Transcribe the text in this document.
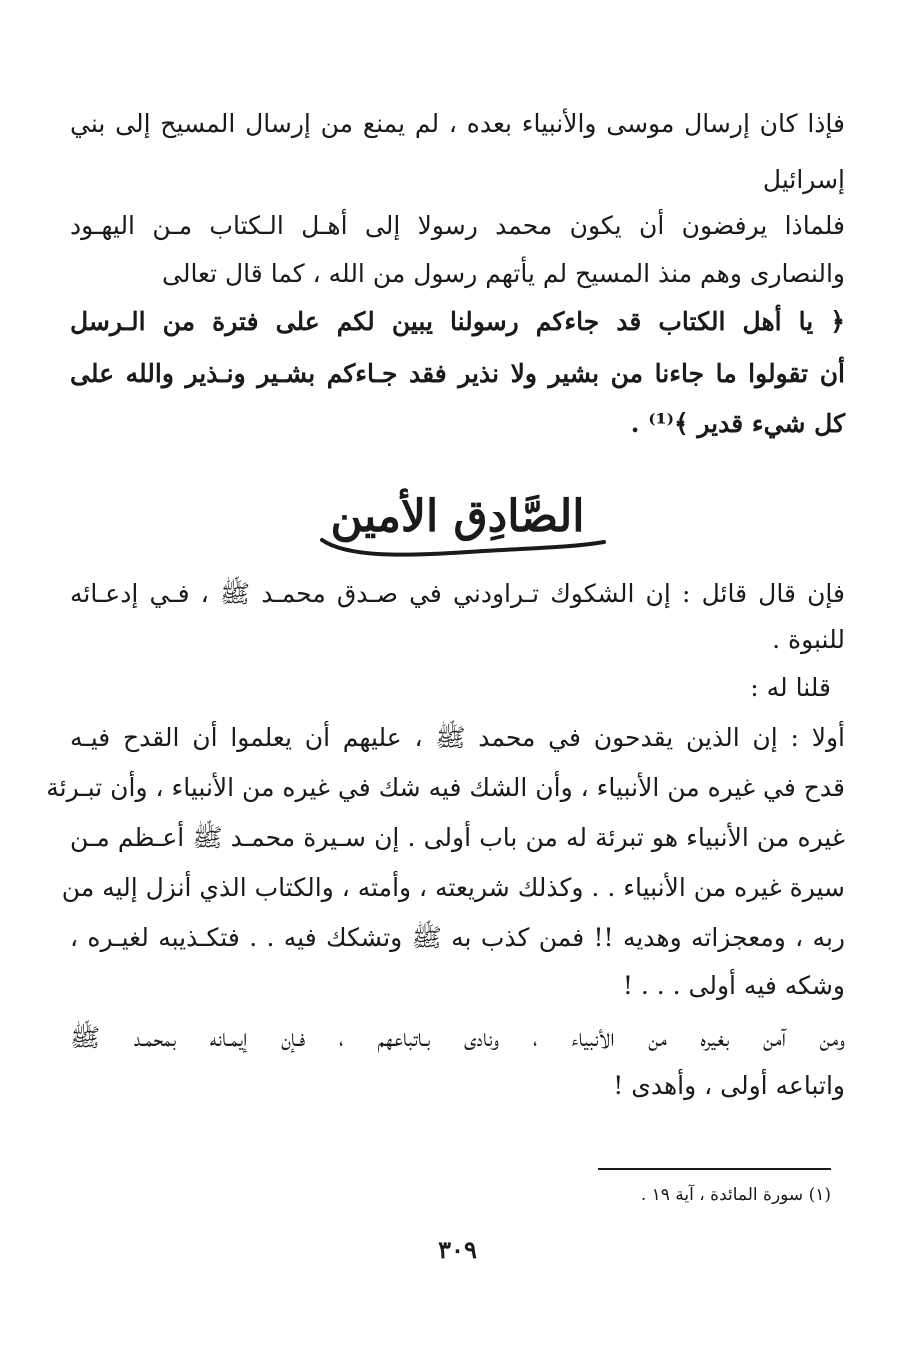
فإذا كان إرسال موسى والأنبياء بعده ، لم يمنع من إرسال المسيح إلى بني
إسرائيل
فلماذا يرفضون أن يكون محمد رسولا إلى أهـل الـكتاب مـن اليهـود
والنصارى وهم منذ المسيح لم يأتهم رسول من الله ، كما قال تعالى
﴿ يا أهل الكتاب قد جاءكم رسولنا يبين لكم على فترة من الـرسل
أن تقولوا ما جاءنا من بشير ولا نذير فقد جـاءكم بشـير ونـذير والله على
كل شيء قدير ﴾⁽¹⁾ .
الصَّادِق الأمين
فإن قال قائل : إن الشكوك تـراودني في صـدق محمـد ﷺ ، فـي إدعـائه
للنبوة .
قلنا له :
أولا : إن الذين يقدحون في محمد ﷺ ، عليهم أن يعلموا أن القدح فيـه
قدح في غيره من الأنبياء ، وأن الشك فيه شك في غيره من الأنبياء ، وأن تبـرئة
غيره من الأنبياء هو تبرئة له من باب أولى . إن سـيرة محمـد ﷺ أعـظم مـن
سيرة غيره من الأنبياء . . وكذلك شريعته ، وأمته ، والكتاب الذي أنزل إليه من
ربه ، ومعجزاته وهديه !! فمن كذب به ﷺ وتشكك فيه . . فتكـذيبه لغيـره ،
وشكه فيه أولى . . . !
ومن آمن بغيره من الأنبياء ، ونادى بـاتباعهم ، فـإن إيمـانه بمحمـد ﷺ
واتباعه أولى ، وأهدى !
(١) سورة المائدة ، آية ١٩ .
٣٠٩
